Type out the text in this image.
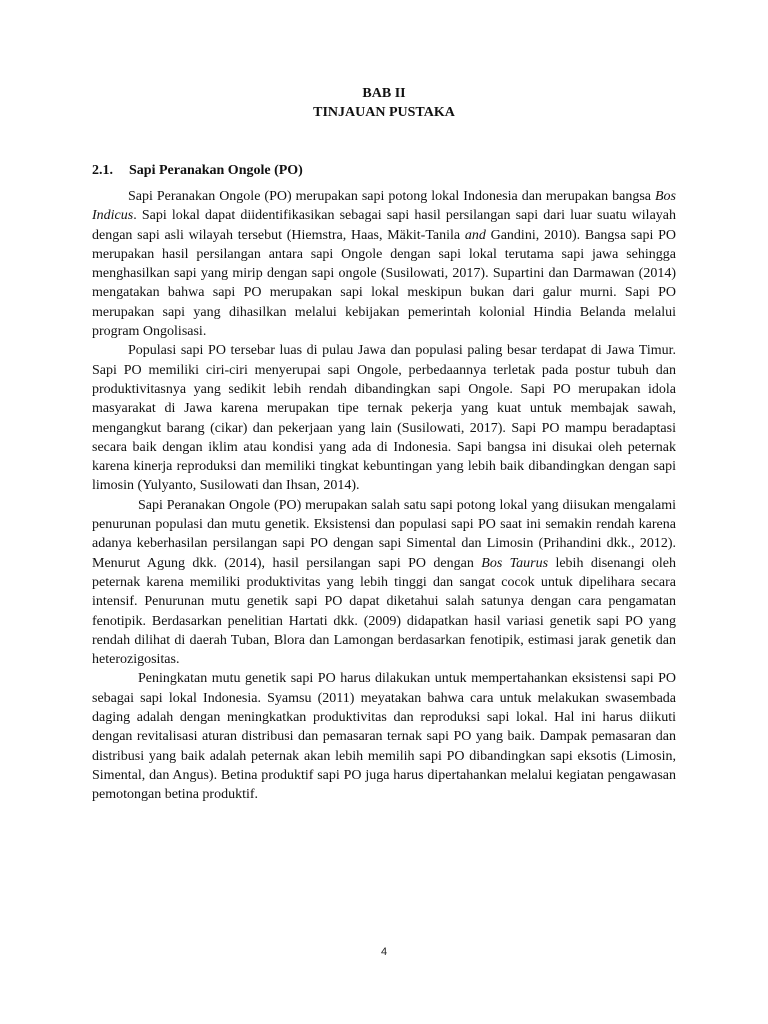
BAB II

TINJAUAN PUSTAKA

2.1. Sapi Peranakan Ongole (PO)

Sapi Peranakan Ongole (PO) merupakan sapi potong lokal Indonesia dan merupakan bangsa Bos Indicus. Sapi lokal dapat diidentifikasikan sebagai sapi hasil persilangan sapi dari luar suatu wilayah dengan sapi asli wilayah tersebut (Hiemstra, Haas, Mäkit-Tanila and Gandini, 2010). Bangsa sapi PO merupakan hasil persilangan antara sapi Ongole dengan sapi lokal terutama sapi jawa sehingga menghasilkan sapi yang mirip dengan sapi ongole (Susilowati, 2017). Supartini dan Darmawan (2014) mengatakan bahwa sapi PO merupakan sapi lokal meskipun bukan dari galur murni. Sapi PO merupakan sapi yang dihasilkan melalui kebijakan pemerintah kolonial Hindia Belanda melalui program Ongolisasi.

Populasi sapi PO tersebar luas di pulau Jawa dan populasi paling besar terdapat di Jawa Timur. Sapi PO memiliki ciri-ciri menyerupai sapi Ongole, perbedaannya terletak pada postur tubuh dan produktivitasnya yang sedikit lebih rendah dibandingkan sapi Ongole. Sapi PO merupakan idola masyarakat di Jawa karena merupakan tipe ternak pekerja yang kuat untuk membajak sawah, mengangkut barang (cikar) dan pekerjaan yang lain (Susilowati, 2017). Sapi PO mampu beradaptasi secara baik dengan iklim atau kondisi yang ada di Indonesia. Sapi bangsa ini disukai oleh peternak karena kinerja reproduksi dan memiliki tingkat kebuntingan yang lebih baik dibandingkan dengan sapi limosin (Yulyanto, Susilowati dan Ihsan, 2014).

Sapi Peranakan Ongole (PO) merupakan salah satu sapi potong lokal yang diisukan mengalami penurunan populasi dan mutu genetik. Eksistensi dan populasi sapi PO saat ini semakin rendah karena adanya keberhasilan persilangan sapi PO dengan sapi Simental dan Limosin (Prihandini dkk., 2012). Menurut Agung dkk. (2014), hasil persilangan sapi PO dengan Bos Taurus lebih disenangi oleh peternak karena memiliki produktivitas yang lebih tinggi dan sangat cocok untuk dipelihara secara intensif. Penurunan mutu genetik sapi PO dapat diketahui salah satunya dengan cara pengamatan fenotipik. Berdasarkan penelitian Hartati dkk. (2009) didapatkan hasil variasi genetik sapi PO yang rendah dilihat di daerah Tuban, Blora dan Lamongan berdasarkan fenotipik, estimasi jarak genetik dan heterozigositas.

Peningkatan mutu genetik sapi PO harus dilakukan untuk mempertahankan eksistensi sapi PO sebagai sapi lokal Indonesia. Syamsu (2011) meyatakan bahwa cara untuk melakukan swasembada daging adalah dengan meningkatkan produktivitas dan reproduksi sapi lokal. Hal ini harus diikuti dengan revitalisasi aturan distribusi dan pemasaran ternak sapi PO yang baik. Dampak pemasaran dan distribusi yang baik adalah peternak akan lebih memilih sapi PO dibandingkan sapi eksotis (Limosin, Simental, dan Angus). Betina produktif sapi PO juga harus dipertahankan melalui kegiatan pengawasan pemotongan betina produktif.

4
